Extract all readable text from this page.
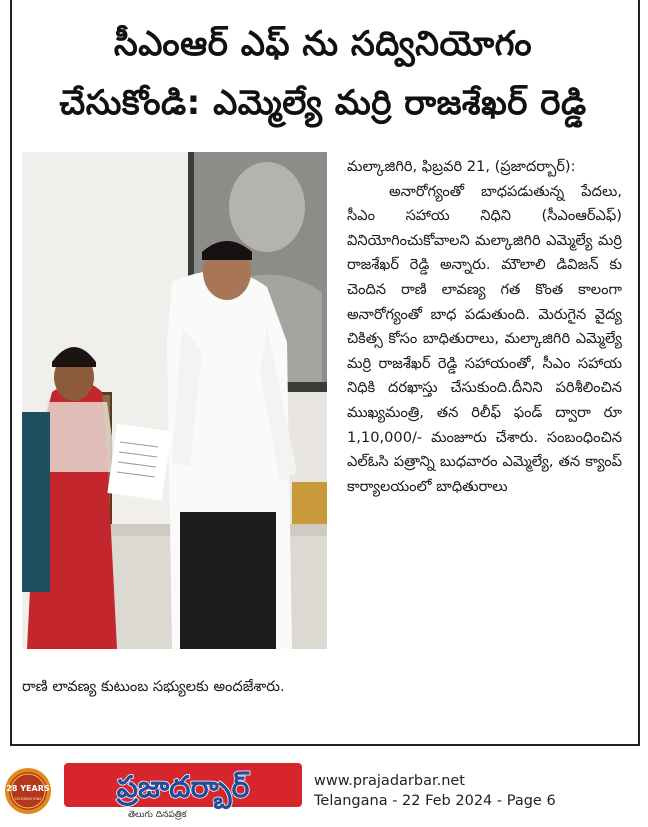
సీఎంఆర్ ఎఫ్ ను సద్వినియోగం
చేసుకోండి: ఎమ్మెల్యే మర్రి రాజశేఖర్ రెడ్డి

మల్కాజిగిరి, ఫిబ్రవరి 21, (ప్రజాదర్బార్):

అనారోగ్యంతో బాధపడుతున్న పేదలు, సీఎం సహాయ నిధిని (సీఎంఆర్ఎఫ్) వినియోగించుకోవాలని మల్కాజిగిరి ఎమ్మెల్యే మర్రి రాజశేఖర్ రెడ్డి అన్నారు. మౌలాలి డివిజన్ కు చెందిన రాణి లావణ్య గత కొంత కాలంగా అనారోగ్యంతో బాధ పడుతుంది. మెరుగైన వైద్య చికిత్స కోసం బాధితురాలు, మల్కాజిగిరి ఎమ్మెల్యే మర్రి రాజశేఖర్ రెడ్డి సహాయంతో, సీఎం సహాయ నిధికి దరఖాస్తు చేసుకుంది.దీనిని పరిశీలించిన ముఖ్యమంత్రి, తన రిలీఫ్ ఫండ్ ద్వారా రూ 1,10,000/- మంజూరు చేశారు. సంబంధించిన ఎల్ఓసి పత్రాన్ని బుధవారం ఎమ్మెల్యే, తన క్యాంప్ కార్యాలయంలో బాధితురాలు

రాణి లావణ్య కుటుంబ సభ్యులకు అందజేశారు.
28 YEARS
CELEBRATIONS	ప్రజాదర్బార్
తెలుగు దినపత్రిక
www.prajadarbar.net
Telangana - 22 Feb 2024 - Page 6
